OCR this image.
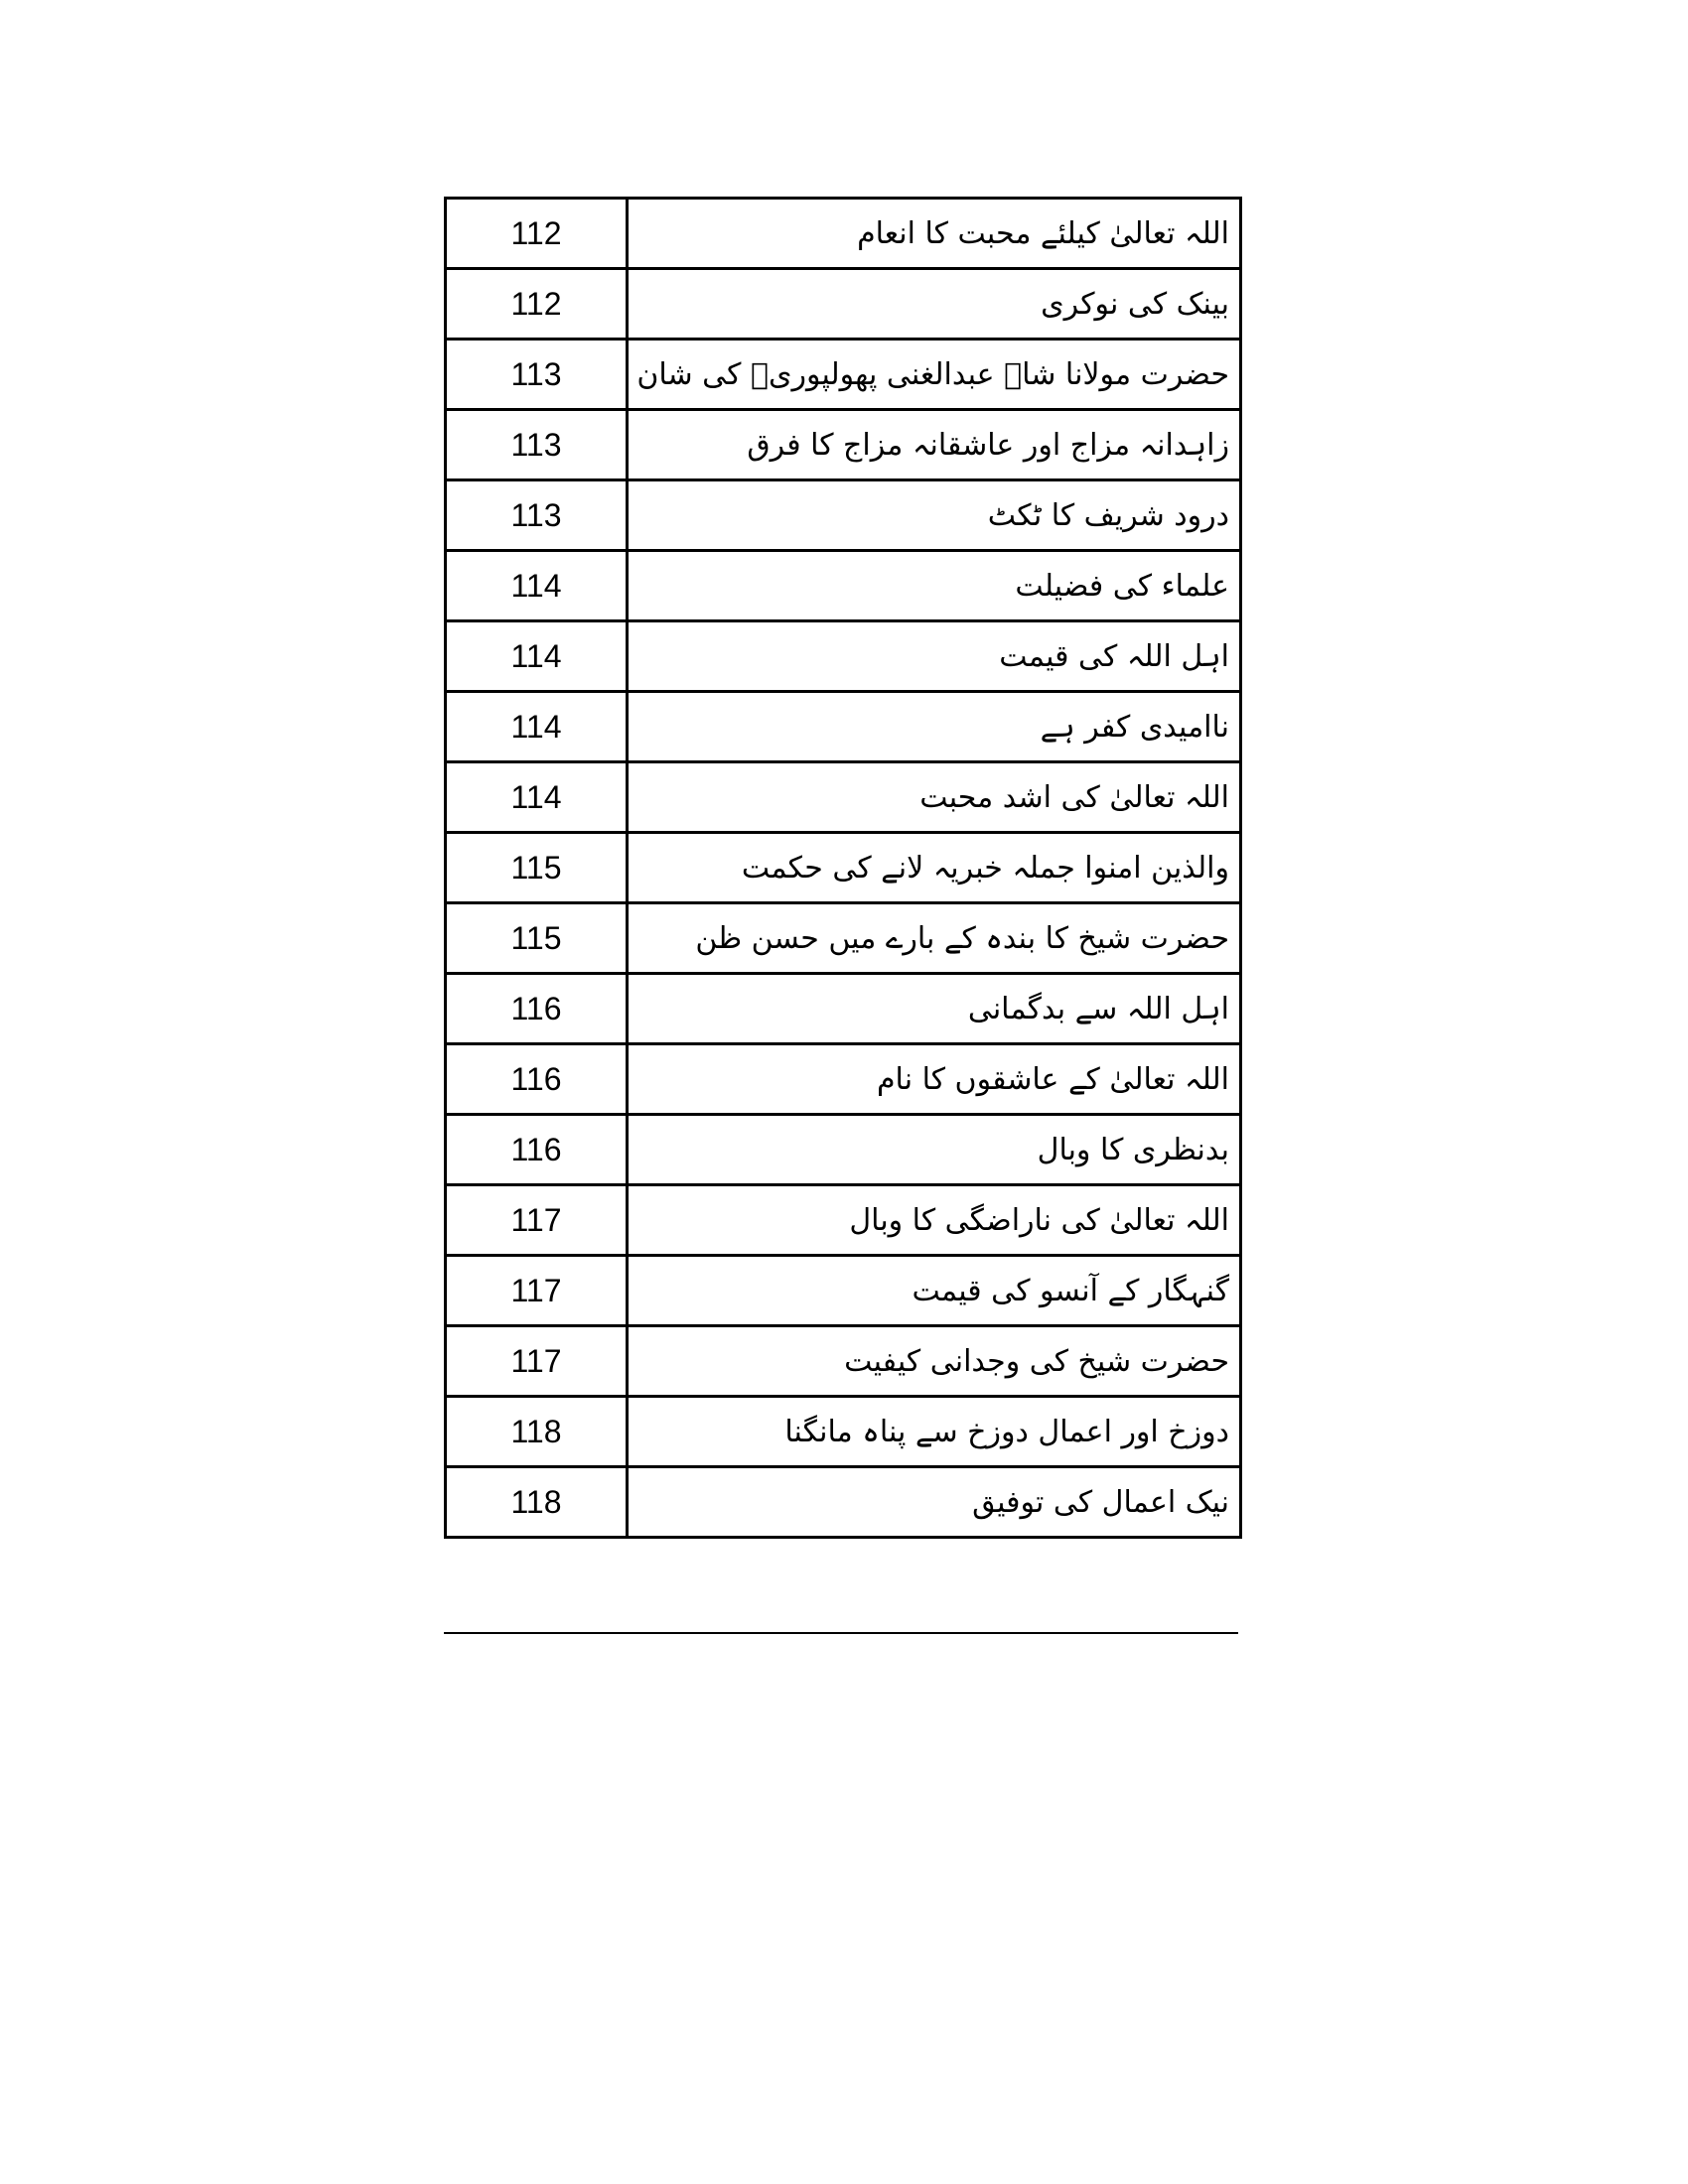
112	اللہ تعالیٰ کیلئے محبت کا انعام
112	بینک کی نوکری
113	حضرت مولانا شاہ عبدالغنی پھولپوریؒ کی شان
113	زاہدانہ مزاج اور عاشقانہ مزاج کا فرق
113	درود شریف کا ٹکٹ
114	علماء کی فضیلت
114	اہل اللہ کی قیمت
114	ناامیدی کفر ہے
114	اللہ تعالیٰ کی اشد محبت
115	والذین امنوا جملہ خبریہ لانے کی حکمت
115	حضرت شیخ کا بندہ کے بارے میں حسن ظن
116	اہل اللہ سے بدگمانی
116	اللہ تعالیٰ کے عاشقوں کا نام
116	بدنظری کا وبال
117	اللہ تعالیٰ کی ناراضگی کا وبال
117	گنہگار کے آنسو کی قیمت
117	حضرت شیخ کی وجدانی کیفیت
118	دوزخ اور اعمال دوزخ سے پناہ مانگنا
118	نیک اعمال کی توفیق
